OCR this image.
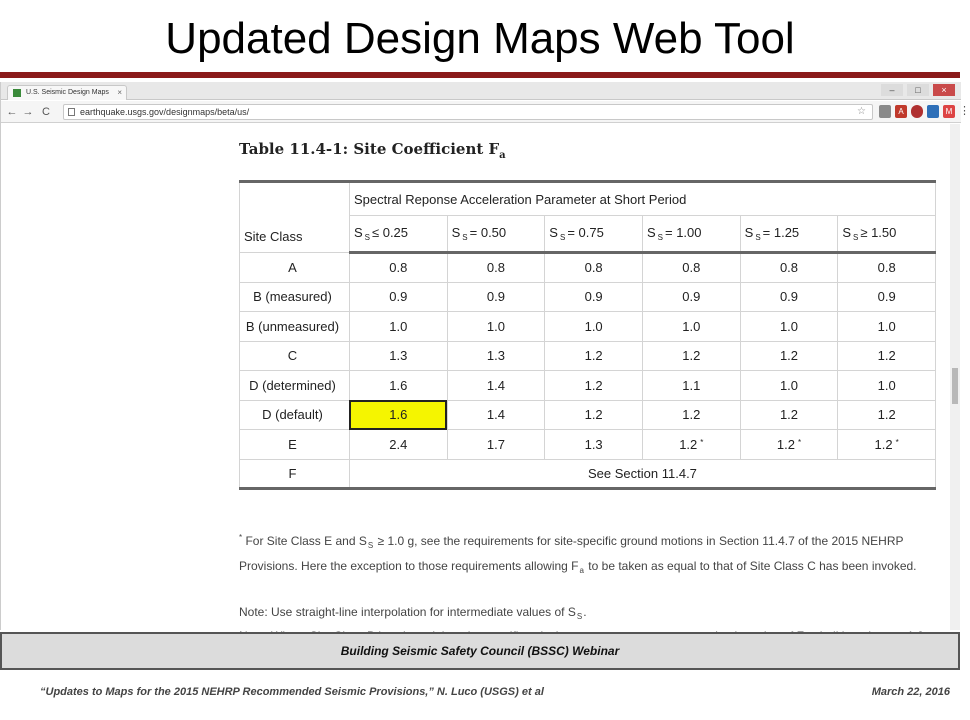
Updated Design Maps Web Tool
U.S. Seismic Design Maps ×	–	□	×
← → C	earthquake.usgs.gov/designmaps/beta/us/	☆	A	M ⋮
Table 11.4-1: Site Coefficient $F_a$
Site Class	Spectral Reponse Acceleration Parameter at Short Period					
	S $_S$ ≤ 0.25	S $_S$ = 0.50	S $_S$ = 0.75	S $_S$ = 1.00	S $_S$ = 1.25	S $_S$ ≥ 1.50
A	0.8	0.8	0.8	0.8	0.8	0.8
B (measured)	0.9	0.9	0.9	0.9	0.9	0.9
B (unmeasured)	1.0	1.0	1.0	1.0	1.0	1.0
C	1.3	1.3	1.2	1.2	1.2	1.2
D (determined)	1.6	1.4	1.2	1.1	1.0	1.0
D (default)	1.6	1.4	1.2	1.2	1.2	1.2
E	2.4	1.7	1.3	1.2 *	1.2 *	1.2 *
F	See Section 11.4.7					
* For Site Class E and $S_S \ge 1.0$ g, see the requirements for site-specific ground motions in Section 11.4.7 of the 2015 NEHRP Provisions. Here the exception to those requirements allowing $F_a$ to be taken as equal to that of Site Class C has been invoked.
Note: Use straight-line interpolation for intermediate values of $S_S$.
Building Seismic Safety Council (BSSC) Webinar
“Updates to Maps for the 2015 NEHRP Recommended Seismic Provisions,” N. Luco (USGS) et al	March 22, 2016
